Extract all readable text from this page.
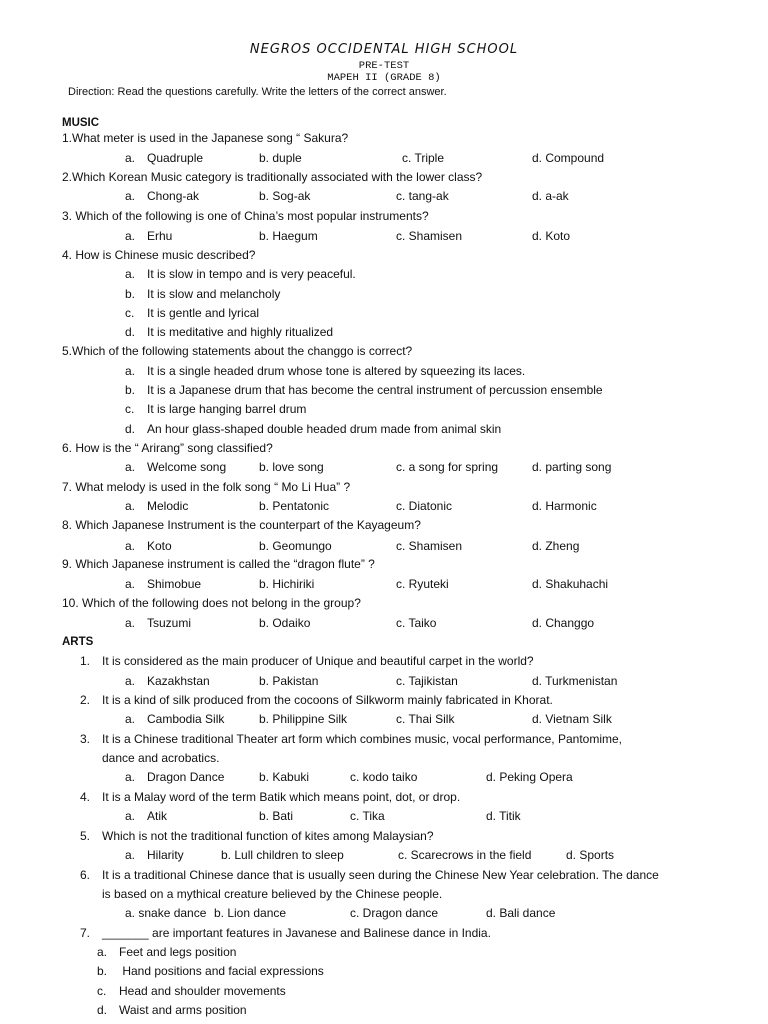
NEGROS OCCIDENTAL HIGH SCHOOL
PRE-TEST
MAPEH II (GRADE 8)
Direction: Read the questions carefully. Write the letters of the correct answer.
MUSIC
1.What meter is used in the Japanese song “ Sakura?
a. Quadruple	b. duple	c. Triple	d. Compound
2.Which Korean Music category is traditionally associated with the lower class?
a. Chong-ak	b. Sog-ak	c. tang-ak	d. a-ak
3. Which of the following is one of China’s most popular instruments?
a. Erhu	b. Haegum	c. Shamisen	d. Koto
4. How is Chinese music described?
a. It is slow in tempo and is very peaceful.
b. It is slow and melancholy
c. It is gentle and lyrical
d. It is meditative and highly ritualized
5.Which of the following statements about the changgo is correct?
a. It is a single headed drum whose tone is altered by squeezing its laces.
b. It is a Japanese drum that has become the central instrument of percussion ensemble
c. It is large hanging barrel drum
d. An hour glass-shaped double headed drum made from animal skin
6. How is the “ Arirang” song classified?
a. Welcome song	b. love song	c. a song for spring	d. parting song
7. What melody is used in the folk song “ Mo Li Hua” ?
a. Melodic	b. Pentatonic	c. Diatonic	d. Harmonic
8. Which Japanese Instrument is the counterpart of the Kayageum?
a. Koto	b. Geomungo	c. Shamisen	d. Zheng
9. Which Japanese instrument is called the “dragon flute” ?
a. Shimobue	b. Hichiriki	c. Ryuteki	d. Shakuhachi
10. Which of the following does not belong in the group?
a. Tsuzumi	b. Odaiko	c. Taiko	d. Changgo
ARTS
1. It is considered as the main producer of Unique and beautiful carpet in the world?
a. Kazakhstan	b. Pakistan	c. Tajikistan	d. Turkmenistan
2. It is a kind of silk produced from the cocoons of Silkworm mainly fabricated in Khorat.
a. Cambodia Silk	b. Philippine Silk	c. Thai Silk	d. Vietnam Silk
3. It is a Chinese traditional Theater art form which combines music, vocal performance, Pantomime,
dance and acrobatics.
a. Dragon Dance	b. Kabuki	c. kodo taiko	d. Peking Opera
4. It is a Malay word of the term Batik which means point, dot, or drop.
a. Atik	b. Bati	c. Tika	d. Titik
5. Which is not the traditional function of kites among Malaysian?
a. Hilarity	b. Lull children to sleep	c. Scarecrows in the field	d. Sports
6. It is a traditional Chinese dance that is usually seen during the Chinese New Year celebration. The dance
is based on a mythical creature believed by the Chinese people.
a. snake dance b. Lion dance	c. Dragon dance	d. Bali dance
7. _______ are important features in Javanese and Balinese dance in India.
a. Feet and legs position
b. Hand positions and facial expressions
c. Head and shoulder movements
d. Waist and arms position
